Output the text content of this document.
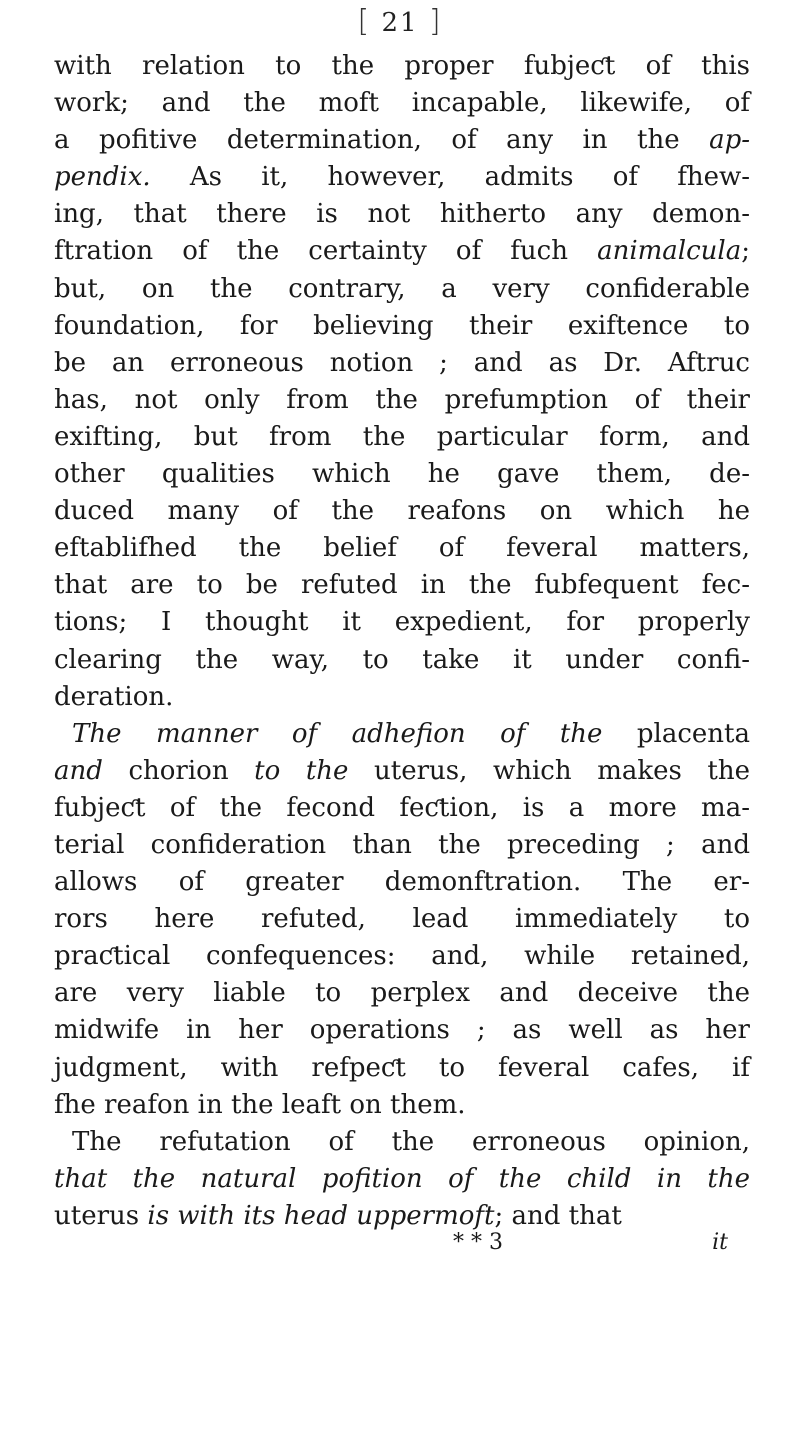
[ 21 ]
with relation to the proper fubjeƈt of this
work; and the moft incapable, likewife, of
a pofitive determination, of any in the ap-
pendix. As it, however, admits of fhew-
ing, that there is not hitherto any demon-
ftration of the certainty of fuch animalcula;
but, on the contrary, a very confiderable
foundation, for believing their exiftence to
be an erroneous notion ; and as Dr. Aftruc
has, not only from the prefumption of their
exifting, but from the particular form, and
other qualities which he gave them, de-
duced many of the reafons on which he
eftablifhed the belief of feveral matters,
that are to be refuted in the fubfequent fec-
tions; I thought it expedient, for properly
clearing the way, to take it under confi-
deration.
The manner of adhefion of the placenta
and chorion to the uterus, which makes the
fubjeƈt of the fecond feƈtion, is a more ma-
terial confideration than the preceding ; and
allows of greater demonftration. The er-
rors here refuted, lead immediately to
praƈtical confequences: and, while retained,
are very liable to perplex and deceive the
midwife in her operations ; as well as her
judgment, with refpeƈt to feveral cafes, if
fhe reafon in the leaft on them.
The refutation of the erroneous opinion,
that the natural pofition of the child in the
uterus is with its head uppermoft; and that
* * 3	it
